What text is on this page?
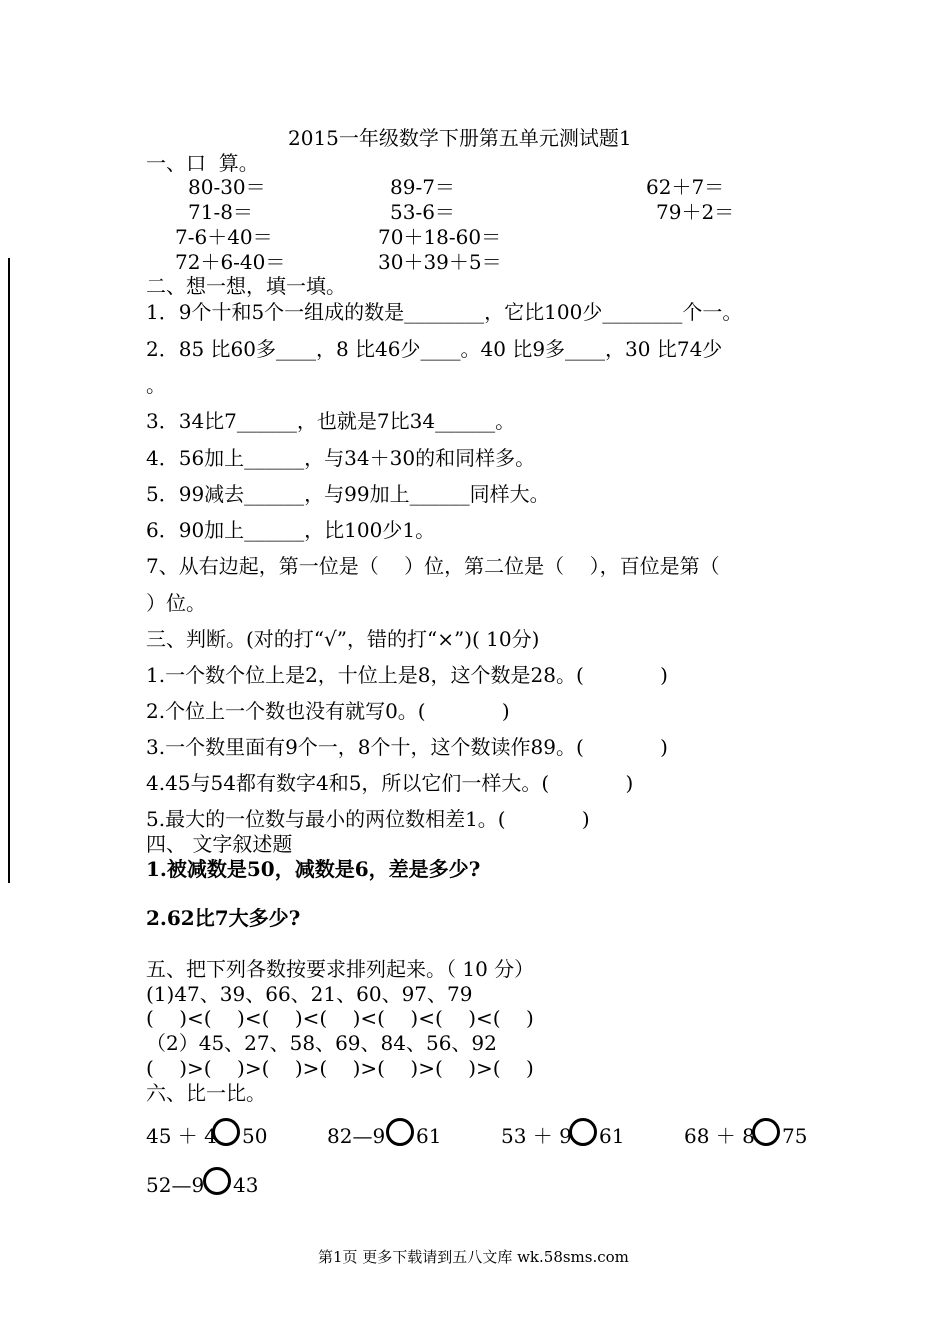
2015一年级数学下册第五单元测试题1
一、口  算。
80-30＝	89-7＝	62＋7＝
71-8＝	53-6＝	79＋2＝
7-6＋40＝	70＋18-60＝
72＋6-40＝	30＋39＋5＝
二、想一想，填一填。
1．9个十和5个一组成的数是________，它比100少________个一。
2．85 比60多____，8 比46少____。40 比9多____，30 比74少
。
3．34比7______，也就是7比34______。
4．56加上______，与34＋30的和同样多。
5．99减去______，与99加上______同样大。
6．90加上______，比100少1。
7、从右边起，第一位是（    ）位，第二位是（    ），百位是第（
）位。
三、判断。(对的打“√”，错的打“×”)( 10分)
1.一个数个位上是2，十位上是8，这个数是28。(            )
2.个位上一个数也没有就写0。(            )
3.一个数里面有9个一，8个十，这个数读作89。(            )
4.45与54都有数字4和5，所以它们一样大。(            )
5.最大的一位数与最小的两位数相差1。(            )
四、 文字叙述题
1.被减数是50，减数是6，差是多少?
2.62比7大多少?
五、把下列各数按要求排列起来。（ 10 分）
(1)47、39、66、21、60、97、79
(    )<(    )<(    )<(    )<(    )<(    )<(    )
（2）45、27、58、69、84、56、92
(    )>(    )>(    )>(    )>(    )>(    )>(    )
六、比一比。
45 ＋ 4 50	82—9 61	53 ＋ 9 61	68 ＋ 8 75
52—9 43
第1页 更多下载请到五八文库 wk.58sms.com
